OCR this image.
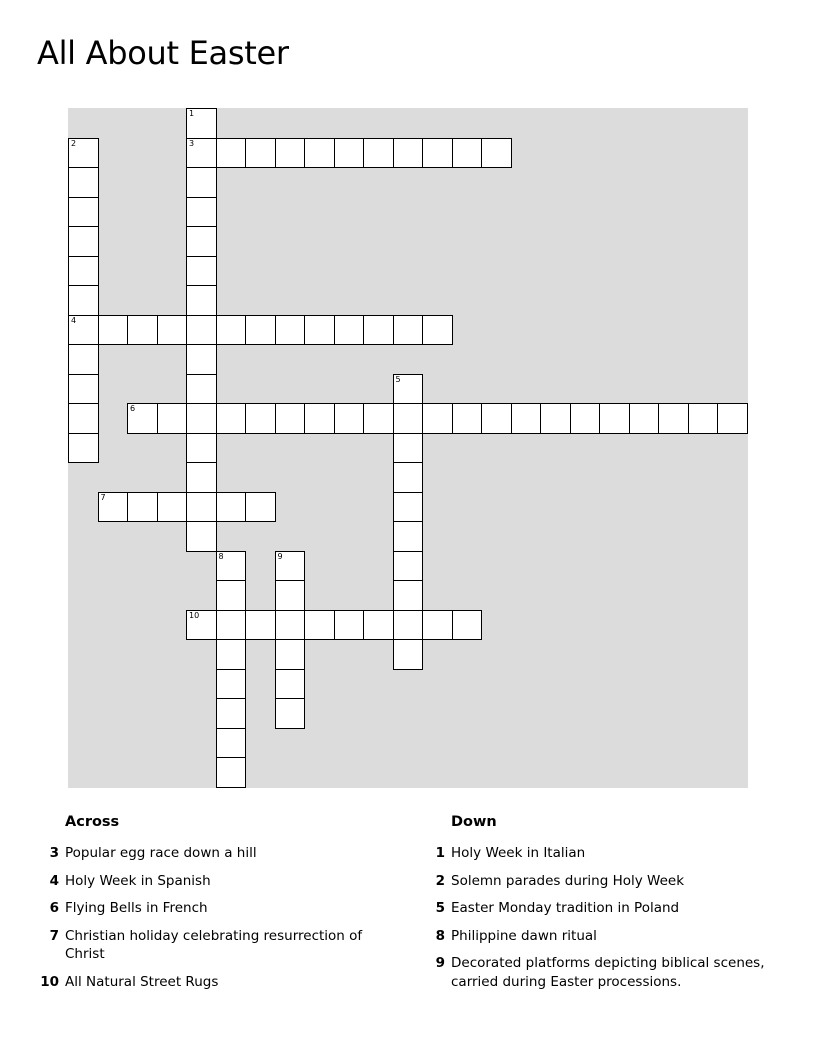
All About Easter
1
3
2
4
5
6
7
8	9
10
Across	Down
3 Popular egg race down a hill
4 Holy Week in Spanish
6 Flying Bells in French
7 Christian holiday celebrating resurrection of Christ
10 All Natural Street Rugs
1 Holy Week in Italian
2 Solemn parades during Holy Week
5 Easter Monday tradition in Poland
8 Philippine dawn ritual
9 Decorated platforms depicting biblical scenes, carried during Easter processions.
